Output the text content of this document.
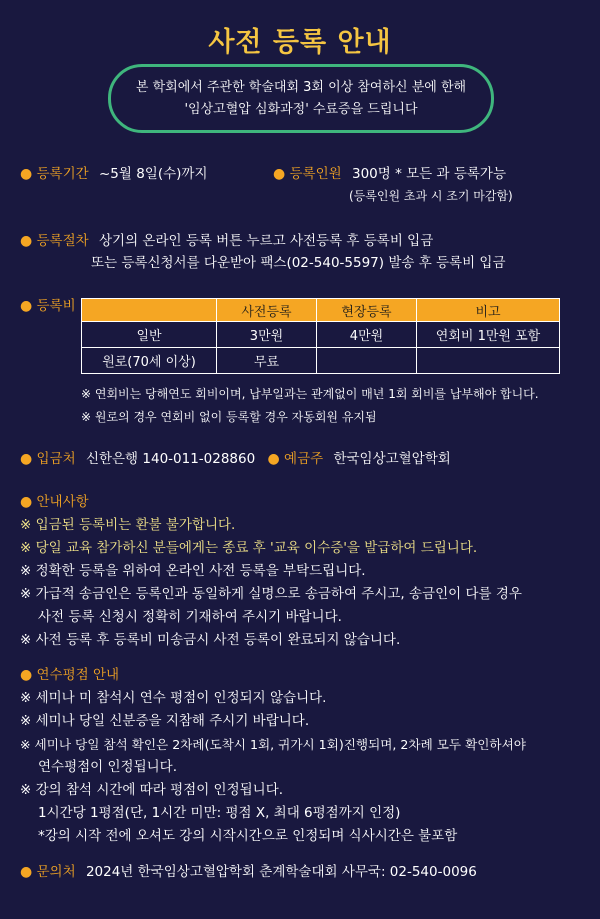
사전 등록 안내
본 학회에서 주관한 학술대회 3회 이상 참여하신 분에 한해
'임상고혈압 심화과정' 수료증을 드립니다
● 등록기간 ~5월 8일(수)까지	● 등록인원 300명 * 모든 과 등록가능
(등록인원 초과 시 조기 마감함)
● 등록절차 상기의 온라인 등록 버튼 누르고 사전등록 후 등록비 입금
또는 등록신청서를 다운받아 팩스(02-540-5597) 발송 후 등록비 입금
● 등록비
		사전등록	현장등록	비고
일반	3만원	4만원	연회비 1만원 포함
원로(70세 이상)	무료		
※ 연회비는 당해연도 회비이며, 납부일과는 관계없이 매년 1회 회비를 납부해야 합니다.
※ 원로의 경우 연회비 없이 등록할 경우 자동회원 유지됨
● 입금처 신한은행 140-011-028860 ● 예금주 한국임상고혈압학회
● 안내사항
※ 입금된 등록비는 환불 불가합니다.
※ 당일 교육 참가하신 분들에게는 종료 후 '교육 이수증'을 발급하여 드립니다.
※ 정확한 등록을 위하여 온라인 사전 등록을 부탁드립니다.
※ 가급적 송금인은 등록인과 동일하게 실명으로 송금하여 주시고, 송금인이 다를 경우
사전 등록 신청시 정확히 기재하여 주시기 바랍니다.
※ 사전 등록 후 등록비 미송금시 사전 등록이 완료되지 않습니다.
● 연수평점 안내
※ 세미나 미 참석시 연수 평점이 인정되지 않습니다.
※ 세미나 당일 신분증을 지참해 주시기 바랍니다.
※ 세미나 당일 참석 확인은 2차례(도착시 1회, 귀가시 1회)진행되며, 2차례 모두 확인하셔야
연수평점이 인정됩니다.
※ 강의 참석 시간에 따라 평점이 인정됩니다.
1시간당 1평점(단, 1시간 미만: 평점 X, 최대 6평점까지 인정)
*강의 시작 전에 오셔도 강의 시작시간으로 인정되며 식사시간은 불포함
● 문의처 2024년 한국임상고혈압학회 춘계학술대회 사무국: 02-540-0096
